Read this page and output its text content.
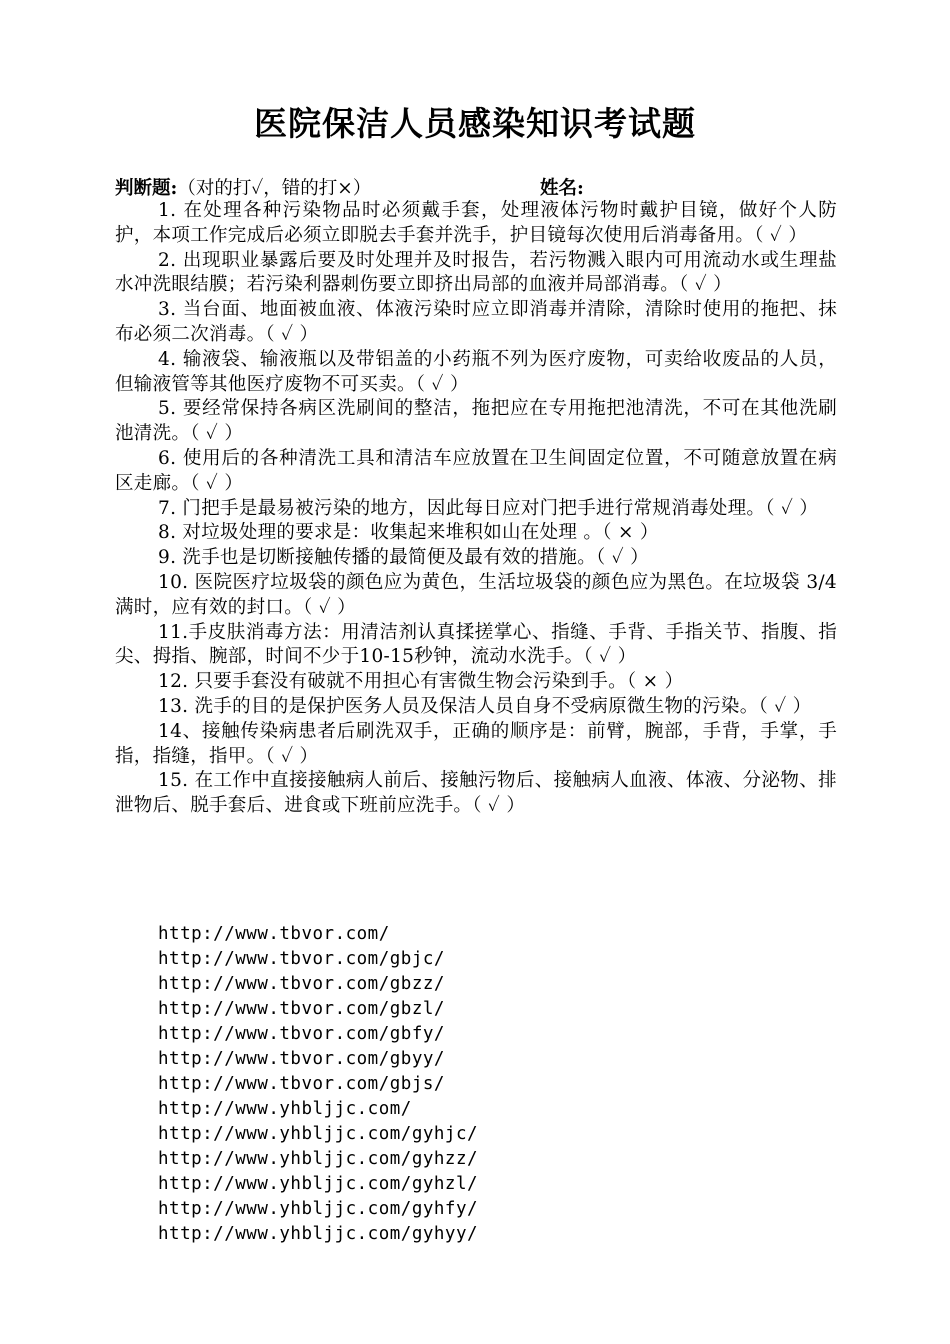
医院保洁人员感染知识考试题
判断题:（对的打✓，错的打×）	姓名:

1. 在处理各种污染物品时必须戴手套，处理液体污物时戴护目镜，做好个人防护，本项工作完成后必须立即脱去手套并洗手，护目镜每次使用后消毒备用。（ ✓ ）

2. 出现职业暴露后要及时处理并及时报告，若污物溅入眼内可用流动水或生理盐水冲洗眼结膜；若污染利器刺伤要立即挤出局部的血液并局部消毒。（ ✓ ）

3. 当台面、地面被血液、体液污染时应立即消毒并清除，清除时使用的拖把、抹布必须二次消毒。（ ✓ ）

4. 输液袋、输液瓶以及带铝盖的小药瓶不列为医疗废物，可卖给收废品的人员，但输液管等其他医疗废物不可买卖。（ ✓ ）

5. 要经常保持各病区洗刷间的整洁，拖把应在专用拖把池清洗，不可在其他洗刷池清洗。（ ✓ ）

6. 使用后的各种清洗工具和清洁车应放置在卫生间固定位置，不可随意放置在病区走廊。（ ✓ ）

7. 门把手是最易被污染的地方，因此每日应对门把手进行常规消毒处理。（ ✓ ）

8. 对垃圾处理的要求是：收集起来堆积如山在处理 。（ × ）

9. 洗手也是切断接触传播的最简便及最有效的措施。（ ✓ ）

10. 医院医疗垃圾袋的颜色应为黄色，生活垃圾袋的颜色应为黑色。在垃圾袋 3/4 满时，应有效的封口。（ ✓ ）

11.手皮肤消毒方法：用清洁剂认真揉搓掌心、指缝、手背、手指关节、指腹、指尖、拇指、腕部，时间不少于10-15秒钟，流动水洗手。（ ✓ ）

12. 只要手套没有破就不用担心有害微生物会污染到手。（ × ）

13. 洗手的目的是保护医务人员及保洁人员自身不受病原微生物的污染。（ ✓ ）

14、接触传染病患者后刷洗双手，正确的顺序是：前臂，腕部，手背，手掌，手指，指缝，指甲。（ ✓ ）

15. 在工作中直接接触病人前后、接触污物后、接触病人血液、体液、分泌物、排泄物后、脱手套后、进食或下班前应洗手。（ ✓ ）

http://www.tbvor.com/
http://www.tbvor.com/gbjc/
http://www.tbvor.com/gbzz/
http://www.tbvor.com/gbzl/
http://www.tbvor.com/gbfy/
http://www.tbvor.com/gbyy/
http://www.tbvor.com/gbjs/
http://www.yhbljjc.com/
http://www.yhbljjc.com/gyhjc/
http://www.yhbljjc.com/gyhzz/
http://www.yhbljjc.com/gyhzl/
http://www.yhbljjc.com/gyhfy/
http://www.yhbljjc.com/gyhyy/
